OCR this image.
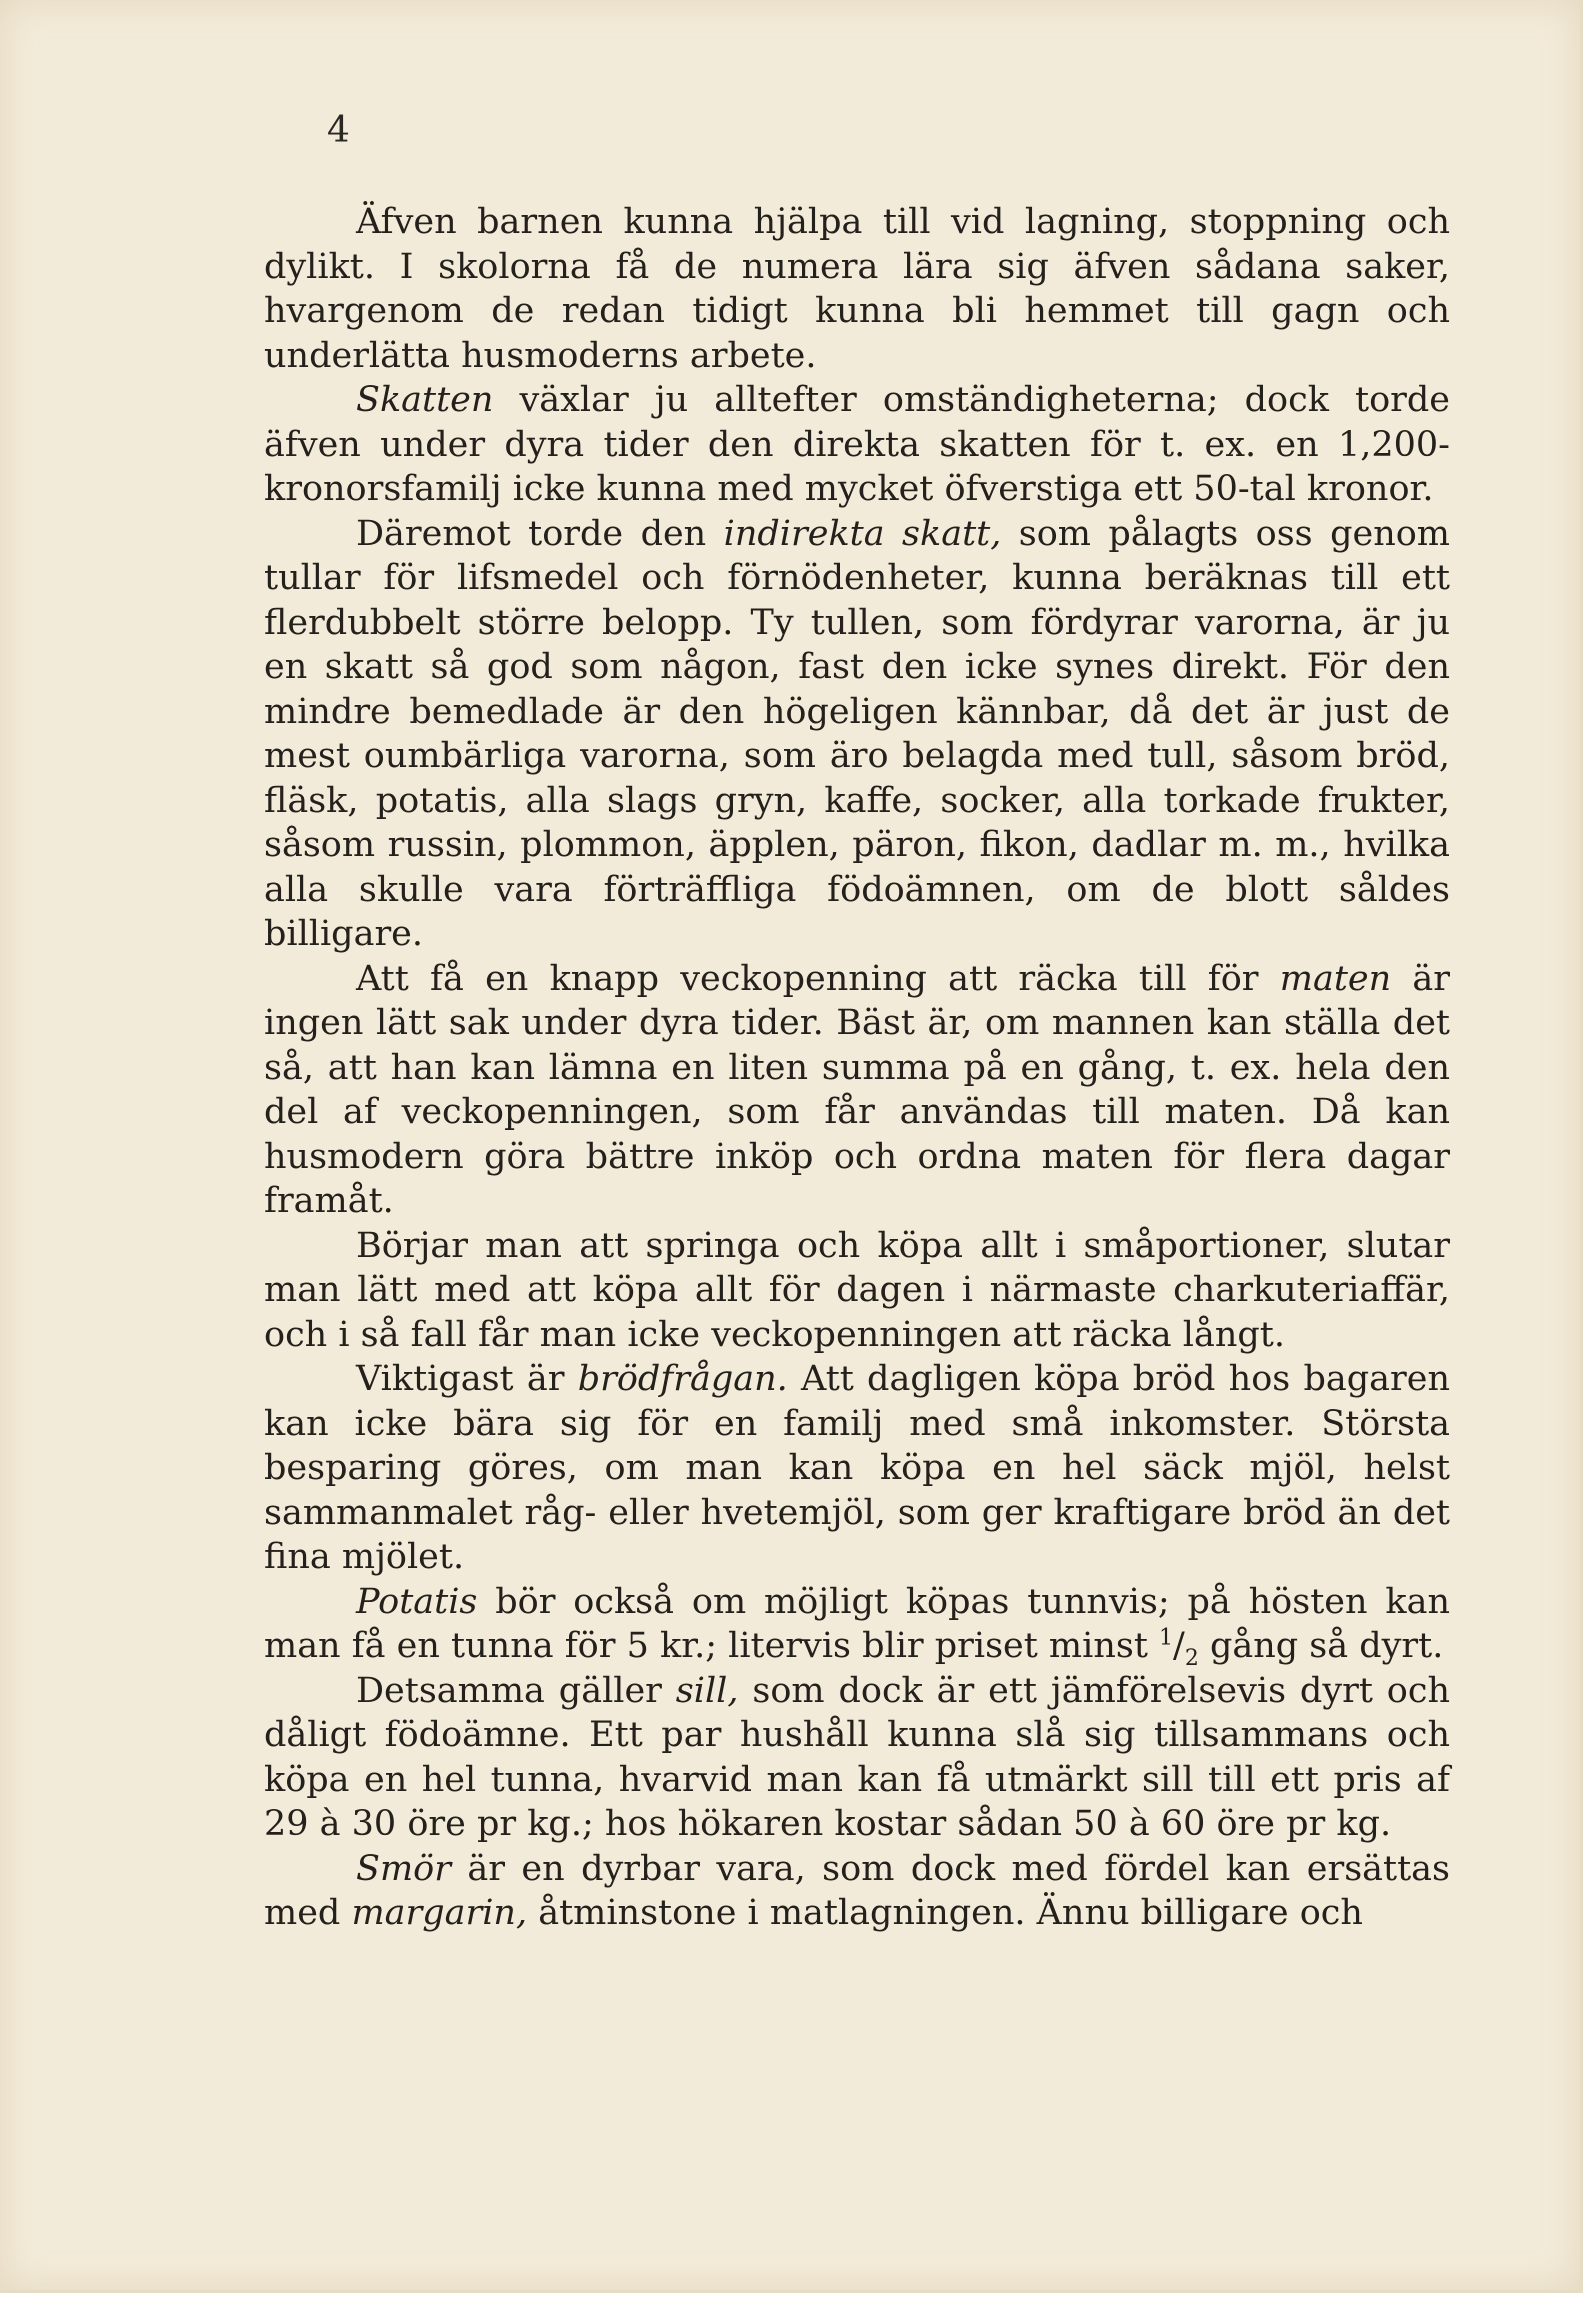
4

Äfven barnen kunna hjälpa till vid lagning, stoppning och dylikt. I skolorna få de numera lära sig äfven sådana saker, hvargenom de redan tidigt kunna bli hemmet till gagn och underlätta husmoderns arbete.

Skatten växlar ju alltefter omständigheterna; dock torde äfven under dyra tider den direkta skatten för t. ex. en 1,200-kronorsfamilj icke kunna med mycket öfverstiga ett 50-tal kronor.

Däremot torde den indirekta skatt, som pålagts oss genom tullar för lifsmedel och förnödenheter, kunna beräknas till ett flerdubbelt större belopp. Ty tullen, som fördyrar varorna, är ju en skatt så god som någon, fast den icke synes direkt. För den mindre bemedlade är den högeligen kännbar, då det är just de mest oumbärliga varorna, som äro belagda med tull, såsom bröd, fläsk, potatis, alla slags gryn, kaffe, socker, alla torkade frukter, såsom russin, plommon, äpplen, päron, fikon, dadlar m. m., hvilka alla skulle vara förträffliga födoämnen, om de blott såldes billigare.

Att få en knapp veckopenning att räcka till för maten är ingen lätt sak under dyra tider. Bäst är, om mannen kan ställa det så, att han kan lämna en liten summa på en gång, t. ex. hela den del af veckopenningen, som får användas till maten. Då kan husmodern göra bättre inköp och ordna maten för flera dagar framåt.

Börjar man att springa och köpa allt i småportioner, slutar man lätt med att köpa allt för dagen i närmaste charkuteriaffär, och i så fall får man icke veckopenningen att räcka långt.

Viktigast är brödfrågan. Att dagligen köpa bröd hos bagaren kan icke bära sig för en familj med små inkomster. Största besparing göres, om man kan köpa en hel säck mjöl, helst sammanmalet råg- eller hvetemjöl, som ger kraftigare bröd än det fina mjölet.

Potatis bör också om möjligt köpas tunnvis; på hösten kan man få en tunna för 5 kr.; litervis blir priset minst $^1/_2$ gång så dyrt.

Detsamma gäller sill, som dock är ett jämförelsevis dyrt och dåligt födoämne. Ett par hushåll kunna slå sig tillsammans och köpa en hel tunna, hvarvid man kan få utmärkt sill till ett pris af 29 à 30 öre pr kg.; hos hökaren kostar sådan 50 à 60 öre pr kg.

Smör är en dyrbar vara, som dock med fördel kan ersättas med margarin, åtminstone i matlagningen. Ännu billigare och
